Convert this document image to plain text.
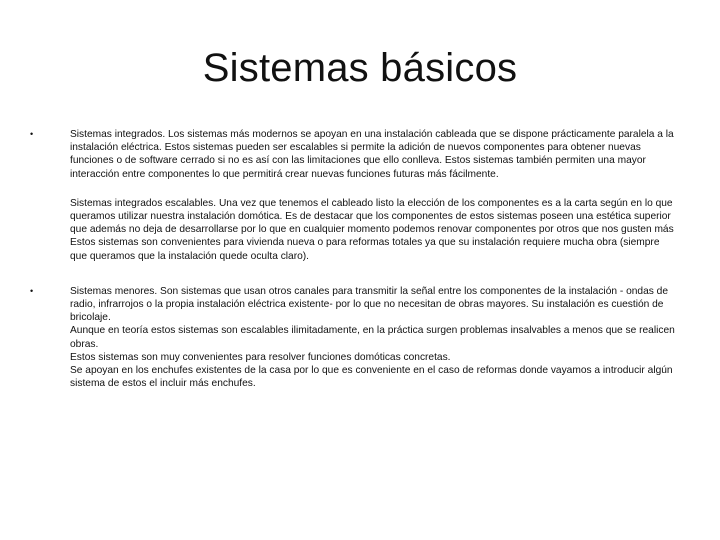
Sistemas básicos
•	Sistemas integrados. Los sistemas más modernos se apoyan en una instalación cableada que se dispone prácticamente paralela a la instalación eléctrica. Estos sistemas pueden ser escalables si permite la adición de nuevos componentes para obtener nuevas funciones o de software cerrado si no es así con las limitaciones que ello conlleva. Estos sistemas también permiten una mayor interacción entre componentes lo que permitirá crear nuevas funciones futuras más fácilmente.

Sistemas integrados escalables. Una vez que tenemos el cableado listo la elección de los componentes es a la carta según en lo que queramos utilizar nuestra instalación domótica. Es de destacar que los componentes de estos sistemas poseen una estética superior que además no deja de desarrollarse por lo que en cualquier momento podemos renovar componentes por otros que nos gusten más
Estos sistemas son convenientes para vivienda nueva o para reformas totales ya que su instalación requiere mucha obra (siempre que queramos que la instalación quede oculta claro).

•	Sistemas menores. Son sistemas que usan otros canales para transmitir la señal entre los componentes de la instalación - ondas de radio, infrarrojos o la propia instalación eléctrica existente- por lo que no necesitan de obras mayores. Su instalación es cuestión de bricolaje.
Aunque en teoría estos sistemas son escalables ilimitadamente, en la práctica surgen problemas insalvables a menos que se realicen obras.
Estos sistemas son muy convenientes para resolver funciones domóticas concretas.
Se apoyan en los enchufes existentes de la casa por lo que es conveniente en el caso de reformas donde vayamos a introducir algún sistema de estos el incluir más enchufes.
